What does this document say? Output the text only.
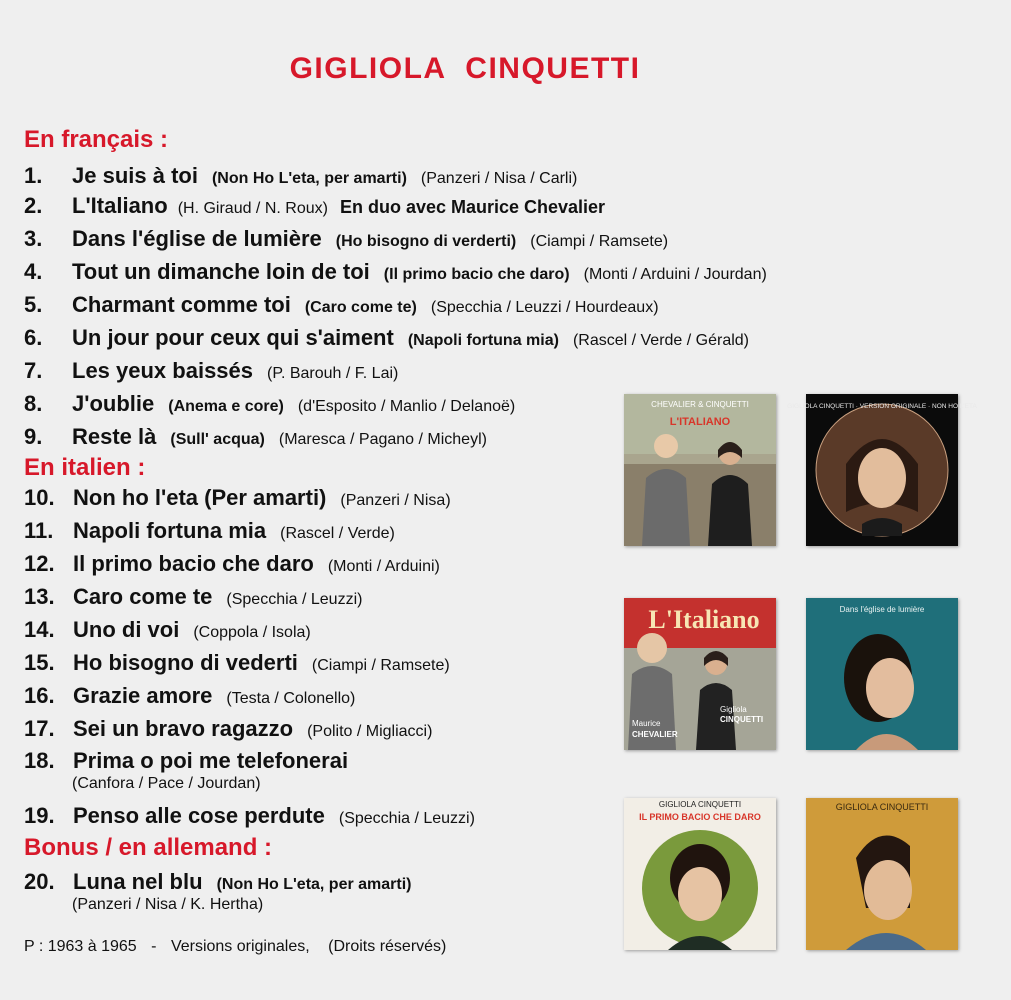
GIGLIOLA CINQUETTI
En français :
1. Je suis à toi (Non Ho L'eta, per amarti) (Panzeri / Nisa / Carli)
2. L'Italiano (H. Giraud / N. Roux) En duo avec Maurice Chevalier
3. Dans l'église de lumière (Ho bisogno di verderti) (Ciampi / Ramsete)
4. Tout un dimanche loin de toi (Il primo bacio che daro) (Monti / Arduini / Jourdan)
5. Charmant comme toi (Caro come te) (Specchia / Leuzzi / Hourdeaux)
6. Un jour pour ceux qui s'aiment (Napoli fortuna mia) (Rascel / Verde / Gérald)
7. Les yeux baissés (P. Barouh / F. Lai)
8. J'oublie (Anema e core) (d'Esposito / Manlio / Delanoë)
9. Reste là (Sull' acqua) (Maresca / Pagano / Micheyl)
En italien :
10. Non ho l'eta (Per amarti) (Panzeri / Nisa)
11. Napoli fortuna mia (Rascel / Verde)
12. Il primo bacio che daro (Monti / Arduini)
13. Caro come te (Specchia / Leuzzi)
14. Uno di voi (Coppola / Isola)
15. Ho bisogno di vederti (Ciampi / Ramsete)
16. Grazie amore (Testa / Colonello)
17. Sei un bravo ragazzo (Polito / Migliacci)
18. Prima o poi me telefonerai
(Canfora / Pace / Jourdan)
19. Penso alle cose perdute (Specchia / Leuzzi)
Bonus / en allemand :
20. Luna nel blu (Non Ho L'eta, per amarti)
(Panzeri / Nisa / K. Hertha)
P : 1963 à 1965 - Versions originales, (Droits réservés)
CHEVALIER & CINQUETTI
L'ITALIANO
GIGLIOLA CINQUETTI · VERSION ORIGINALE · NON HO L'ETA
L'Italiano
Maurice
CHEVALIER
Gigliola
CINQUETTI
Dans l'église de lumière
GIGLIOLA CINQUETTI
IL PRIMO BACIO CHE DARO
GIGLIOLA CINQUETTI
